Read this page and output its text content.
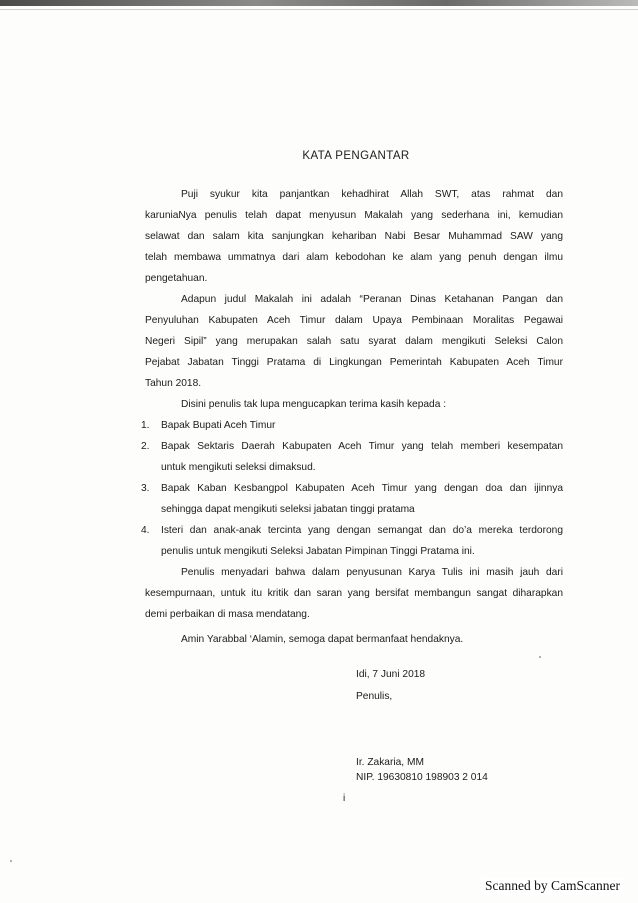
KATA PENGANTAR
Puji syukur kita panjantkan kehadhirat Allah SWT, atas rahmat dan
karuniaNya penulis telah dapat menyusun Makalah yang sederhana ini, kemudian
selawat dan salam kita sanjungkan kehariban Nabi Besar Muhammad SAW yang
telah membawa ummatnya dari alam kebodohan ke alam yang penuh dengan ilmu
pengetahuan.
Adapun judul Makalah ini adalah “Peranan Dinas Ketahanan Pangan dan
Penyuluhan Kabupaten Aceh Timur dalam Upaya Pembinaan Moralitas Pegawai
Negeri Sipil” yang merupakan salah satu syarat dalam mengikuti Seleksi Calon
Pejabat Jabatan Tinggi Pratama di Lingkungan Pemerintah Kabupaten Aceh Timur
Tahun 2018.
Disini penulis tak lupa mengucapkan terima kasih kepada :
1. Bapak Bupati Aceh Timur
2. Bapak Sektaris Daerah Kabupaten Aceh Timur yang telah memberi kesempatan
untuk mengikuti seleksi dimaksud.
3. Bapak Kaban Kesbangpol Kabupaten Aceh Timur yang dengan doa dan ijinnya
sehingga dapat mengikuti seleksi jabatan tinggi pratama
4. Isteri dan anak-anak tercinta yang dengan semangat dan do’a mereka terdorong
penulis untuk mengikuti Seleksi Jabatan Pimpinan Tinggi Pratama ini.
Penulis menyadari bahwa dalam penyusunan Karya Tulis ini masih jauh dari
kesempurnaan, untuk itu kritik dan saran yang bersifat membangun sangat diharapkan
demi perbaikan di masa mendatang.
Amin Yarabbal ‘Alamin, semoga dapat bermanfaat hendaknya.
Idi, 7 Juni 2018
Penulis,
Ir. Zakaria, MM
NIP. 19630810 198903 2 014
i
Scanned by CamScanner
